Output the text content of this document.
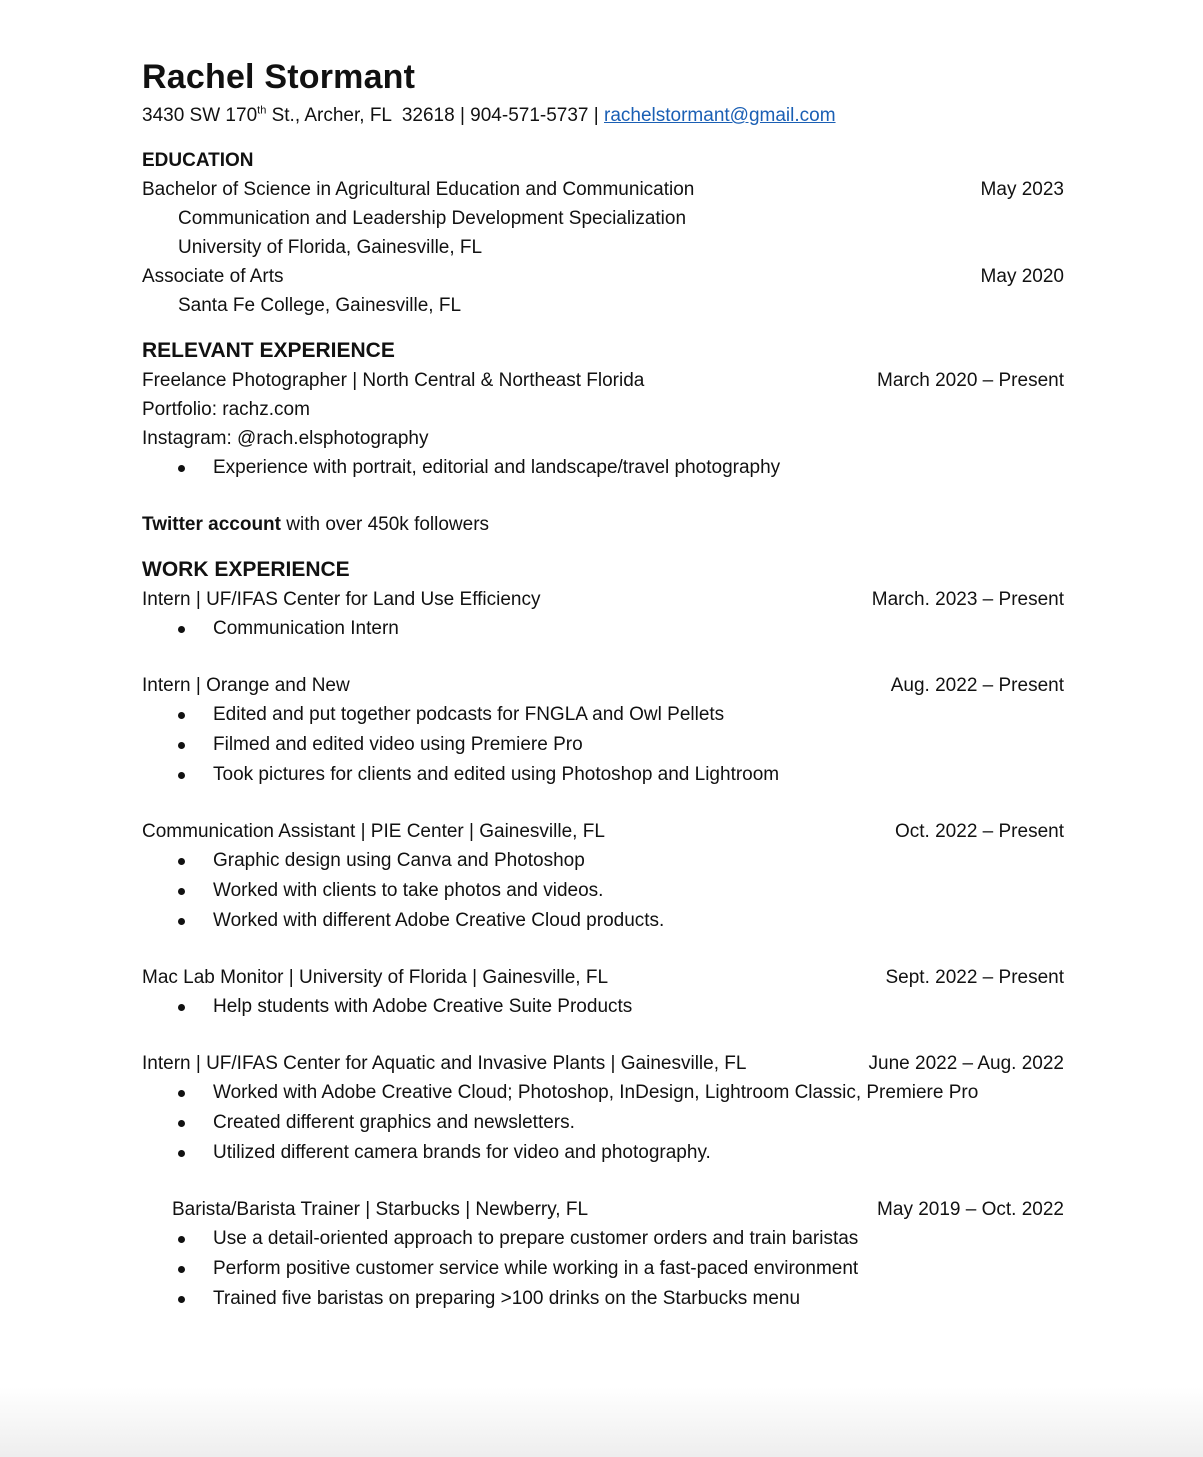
Rachel Stormant
3430 SW 170th St., Archer, FL  32618 | 904-571-5737 | rachelstormant@gmail.com
EDUCATION
Bachelor of Science in Agricultural Education and Communication	May 2023
Communication and Leadership Development Specialization
University of Florida, Gainesville, FL
Associate of Arts	May 2020
Santa Fe College, Gainesville, FL
RELEVANT EXPERIENCE
Freelance Photographer | North Central & Northeast Florida	March 2020 – Present
Portfolio: rachz.com
Instagram: @rach.elsphotography
Experience with portrait, editorial and landscape/travel photography
Twitter account with over 450k followers
WORK EXPERIENCE
Intern | UF/IFAS Center for Land Use Efficiency	March. 2023 – Present
Communication Intern
Intern | Orange and New	Aug. 2022 – Present
Edited and put together podcasts for FNGLA and Owl Pellets
Filmed and edited video using Premiere Pro
Took pictures for clients and edited using Photoshop and Lightroom
Communication Assistant | PIE Center | Gainesville, FL	Oct. 2022 – Present
Graphic design using Canva and Photoshop
Worked with clients to take photos and videos.
Worked with different Adobe Creative Cloud products.
Mac Lab Monitor | University of Florida | Gainesville, FL	Sept. 2022 – Present
Help students with Adobe Creative Suite Products
Intern | UF/IFAS Center for Aquatic and Invasive Plants | Gainesville, FL	June 2022 – Aug. 2022
Worked with Adobe Creative Cloud; Photoshop, InDesign, Lightroom Classic, Premiere Pro
Created different graphics and newsletters.
Utilized different camera brands for video and photography.
Barista/Barista Trainer | Starbucks | Newberry, FL	May 2019 – Oct. 2022
Use a detail-oriented approach to prepare customer orders and train baristas
Perform positive customer service while working in a fast-paced environment
Trained five baristas on preparing >100 drinks on the Starbucks menu
